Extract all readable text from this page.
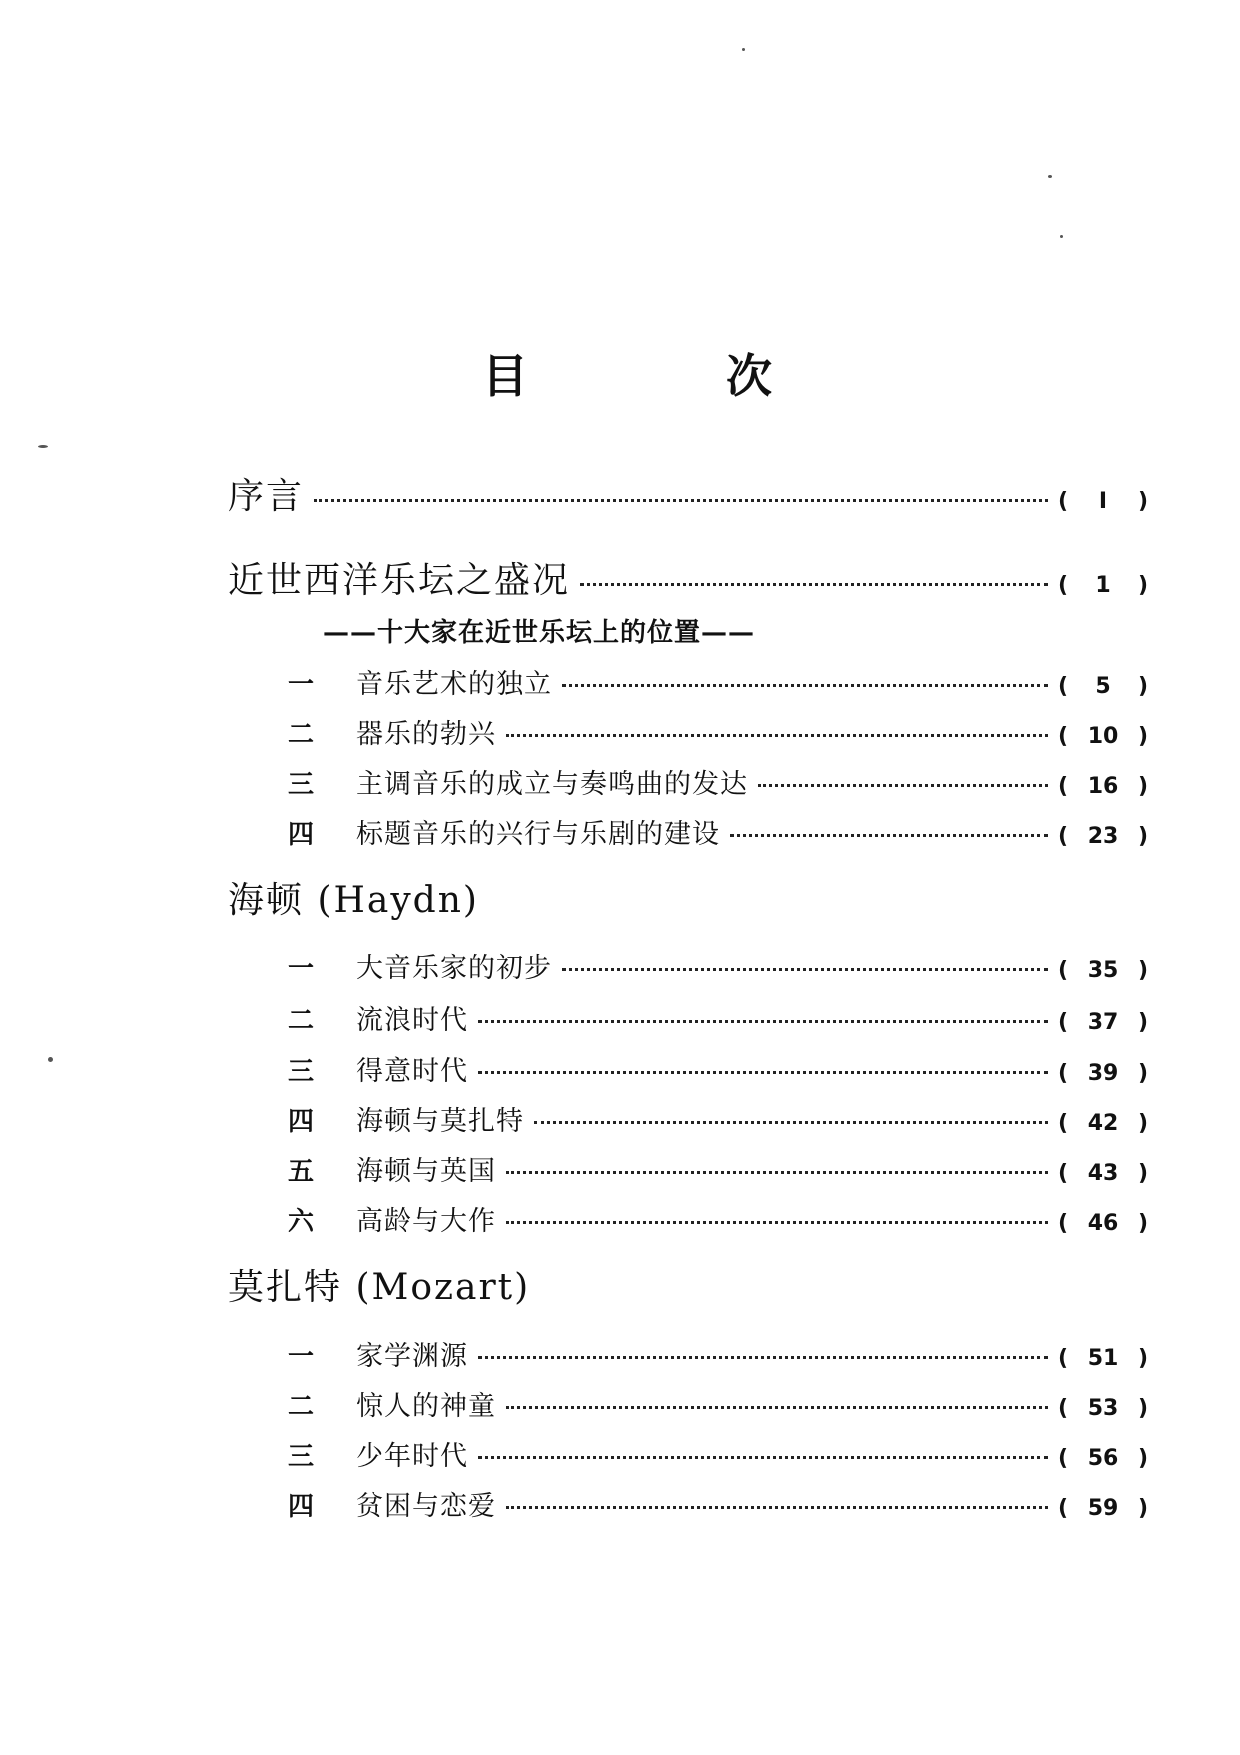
目　次
序言	( I )
近世西洋乐坛之盛况	( 1 )
——十大家在近世乐坛上的位置——
一	音乐艺术的独立	( 5 )
二	器乐的勃兴	( 10 )
三	主调音乐的成立与奏鸣曲的发达	( 16 )
四	标题音乐的兴行与乐剧的建设	( 23 )
海顿 (Haydn)
一	大音乐家的初步	( 35 )
二	流浪时代	( 37 )
三	得意时代	( 39 )
四	海顿与莫扎特	( 42 )
五	海顿与英国	( 43 )
六	高龄与大作	( 46 )
莫扎特 (Mozart)
一	家学渊源	( 51 )
二	惊人的神童	( 53 )
三	少年时代	( 56 )
四	贫困与恋爱	( 59 )
